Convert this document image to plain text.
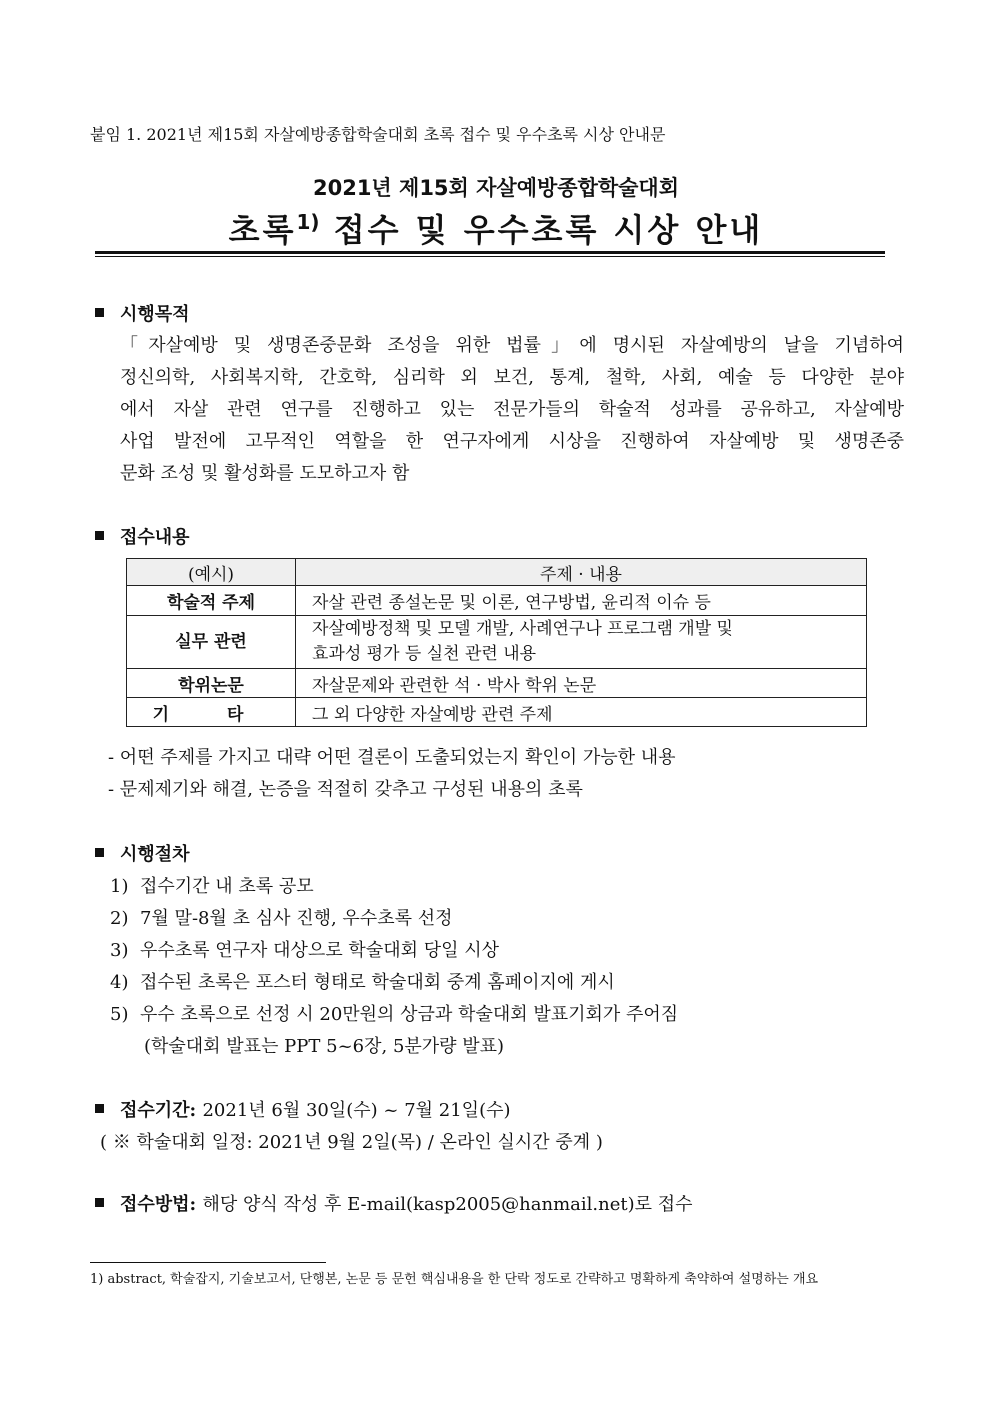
붙임 1. 2021년 제15회 자살예방종합학술대회 초록 접수 및 우수초록 시상 안내문
2021년 제15회 자살예방종합학술대회
초록$^{1)}$ 접수 및 우수초록 시상 안내
시행목적
「자살예방 및 생명존중문화 조성을 위한 법률」에 명시된 자살예방의 날을 기념하여
정신의학, 사회복지학, 간호학, 심리학 외 보건, 통계, 철학, 사회, 예술 등 다양한 분야
에서 자살 관련 연구를 진행하고 있는 전문가들의 학술적 성과를 공유하고, 자살예방
사업 발전에 고무적인 역할을 한 연구자에게 시상을 진행하여 자살예방 및 생명존중
문화 조성 및 활성화를 도모하고자 함
접수내용
(예시)	주제 · 내용
학술적 주제	자살 관련 종설논문 및 이론, 연구방법, 윤리적 이슈 등
실무 관련	자살예방정책 및 모델 개발, 사례연구나 프로그램 개발 및
효과성 평가 등 실천 관련 내용

학위논문	자살문제와 관련한 석 · 박사 학위 논문
기 타	그 외 다양한 자살예방 관련 주제
- 어떤 주제를 가지고 대략 어떤 결론이 도출되었는지 확인이 가능한 내용
- 문제제기와 해결, 논증을 적절히 갖추고 구성된 내용의 초록
시행절차
1) 접수기간 내 초록 공모
2) 7월 말-8월 초 심사 진행, 우수초록 선정
3) 우수초록 연구자 대상으로 학술대회 당일 시상
4) 접수된 초록은 포스터 형태로 학술대회 중계 홈페이지에 게시
5) 우수 초록으로 선정 시 20만원의 상금과 학술대회 발표기회가 주어짐
(학술대회 발표는 PPT 5~6장, 5분가량 발표)
접수기간: 2021년 6월 30일(수) ~ 7월 21일(수)
( ※ 학술대회 일정: 2021년 9월 2일(목) / 온라인 실시간 중계 )
접수방법: 해당 양식 작성 후 E-mail(kasp2005@hanmail.net)로 접수
1) abstract, 학술잡지, 기술보고서, 단행본, 논문 등 문헌 핵심내용을 한 단락 정도로 간략하고 명확하게 축약하여 설명하는 개요
